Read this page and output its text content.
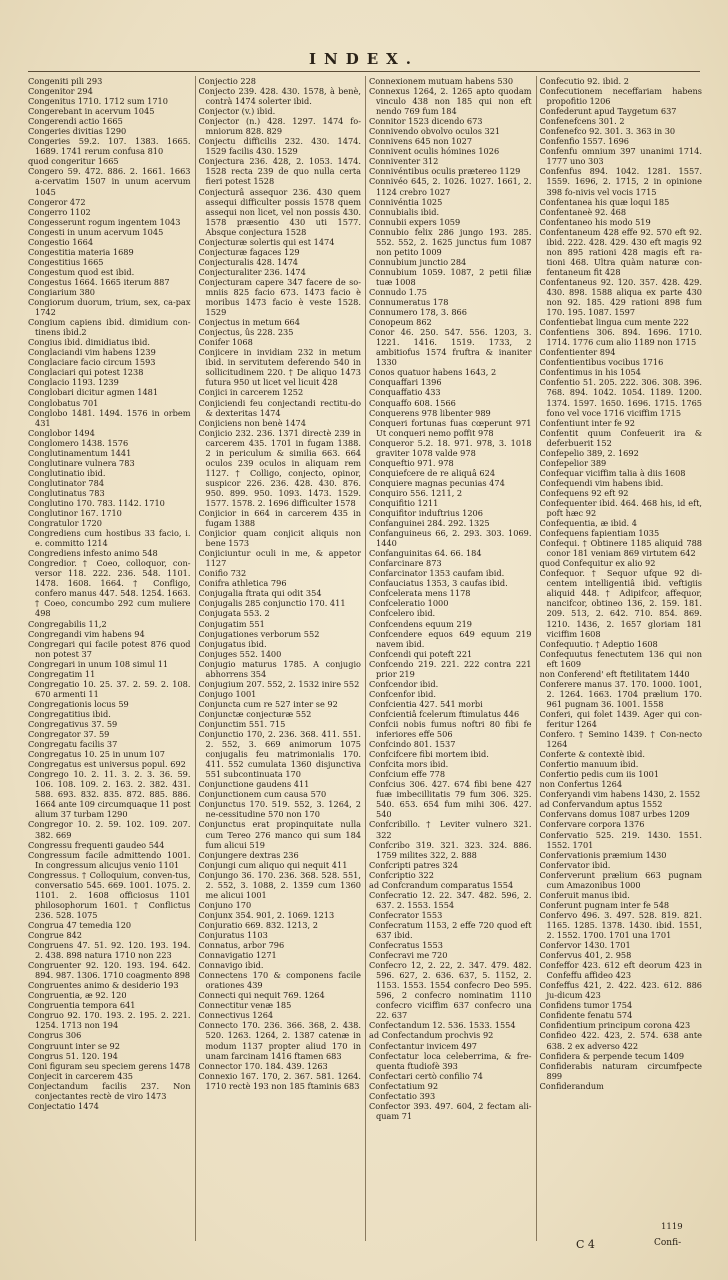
INDEX.
Congeniti pili 293
Congenitor 294
Congenitus 1710. 1712 sum 1710
Congerebant in acervum 1045
Congerendi actio 1665
Congeries divitias 1290
Congeries 59.2. 107. 1383. 1665. 1689. 1741 rerum confusa 810
quod congeritur 1665
Congero 59. 472. 886. 2. 1661. 1663 a-cervatim 1507 in unum acervum 1045
Congeror 472
Congerro 1102
Congesserunt rogum ingentem 1043
Congesti in unum acervum 1045
Congestio 1664
Congestitia materia 1689
Congestitius 1665
Congestum quod est ibid.
Congestus 1664. 1665 iterum 887
Congiarium 380
Congiorum duorum, trium, sex, ca-pax 1742
Congium capiens ibid. dimidium con-tinens ibid.2
Congius ibid. dimidiatus ibid.
Conglaciandi vim habens 1239
Conglaciare facio circum 1593
Conglaciari qui potest 1238
Conglacio 1193. 1239
Conglobari dicitur agmen 1481
Conglobatus 701
Conglobo 1481. 1494. 1576 in orbem 431
Conglobor 1494
Conglomero 1438. 1576
Conglutinamentum 1441
Conglutinare vulnera 783
Conglutinatio ibid.
Conglutinator 784
Conglutinatus 783
Conglutino 170. 783. 1142. 1710
Conglutinor 167. 1710
Congratulor 1720
Congrediens cum hostibus 33 facio, i. e. committo 1214
Congrediens infesto animo 548
Congredior. † Coeo, colloquor, con-versor 118. 222. 236. 548. 1101. 1478. 1608. 1664. † Confligo, confero manus 447. 548. 1254. 1663. † Coeo, concumbo 292 cum muliere 498
Congregabilis 11,2
Congregandi vim habens 94
Congregari qui facile potest 876 quod non potest 37
Congregari in unum 108 simul 11
Congregatim 11
Congregatio 10. 25. 37. 2. 59. 2. 108. 670 armenti 11
Congregationis locus 59
Congregatitius ibid.
Congregativus 37. 59
Congregator 37. 59
Congregatu facilis 37
Congregatus 10. 25 in unum 107
Congregatus est universus popul. 692
Congrego 10. 2. 11. 3. 2. 3. 36. 59. 106. 108. 109. 2. 163. 2. 382. 431. 588. 693. 832. 835. 872. 885. 886. 1664 ante 109 circumquaque 11 post alium 37 turbam 1290
Congregor 10. 2. 59. 102. 109. 207. 382. 669
Congressu frequenti gaudeo 544
Congressum facile admittendo 1001. In congressum alicujus venio 1101
Congressus. † Colloquium, conven-tus, conversatio 545. 669. 1001. 1075. 2. 1101. 2. 1608 officiosus 1101 philosophorum 1601. † Conflictus 236. 528. 1075
Congrua 47 temedia 120
Congrue 842
Congruens 47. 51. 92. 120. 193. 194. 2. 438. 898 natura 1710 non 223
Congruenter 92. 120. 193. 194. 642. 894. 987. 1306. 1710 coagmento 898
Congruentes animo & desiderio 193
Congruentia, æ 92. 120
Congruentia tempora 641
Congruo 92. 170. 193. 2. 195. 2. 221. 1254. 1713 non 194
Congrus 306
Congruunt inter se 92
Congrus 51. 120. 194
Coni figuram seu speciem gerens 1478
Conjecit in carcerem 435
Conjectandum facilis 237. Non conjectantes rectè de viro 1473
Conjectatio 1474
Conjectio 228
Conjecto 239. 428. 430. 1578, à benè, contrà 1474 solerter ibid.
Conjector (v.) ibid.
Conjector (n.) 428. 1297. 1474 fo-mniorum 828. 829
Conjectu difficilis 232. 430. 1474. 1529 facilis 430. 1529
Conjectura 236. 428, 2. 1053. 1474. 1528 recta 239 de quo nulla certa fieri potest 1528
Conjecturâ assequor 236. 430 quem assequi difficulter possis 1578 quem assequi non licet, vel non possis 430. 1578 præsentio 430 uti 1577. Absque conjectura 1528
Conjecturæ solertis qui est 1474
Conjecturæ fagaces 129
Conjecturalis 428. 1474
Conjecturaliter 236. 1474
Conjecturam capere 347 facere de so-mniis 825 facio 673. 1473 facio è moribus 1473 facio è veste 1528. 1529
Conjectus in metum 664
Conjectus, ûs 228. 235
Conifer 1068
Conjicere in invidiam 232 in metum ibid. in servitutem deferendo 540 in sollicitudinem 220. † De aliquo 1473 futura 950 ut licet vel licuit 428
Conjici in carcerem 1252
Conjiciendi feu conjectandi rectitu-do & dexteritas 1474
Conjiciens non benè 1474
Conjicio 232. 236. 1371 directè 239 in carcerem 435. 1701 in fugam 1388. 2 in periculum & similia 663. 664 oculos 239 oculos in aliquam rem 1127. † Colligo, conjecto, opinor, suspicor 226. 236. 428. 430. 876. 950. 899. 950. 1093. 1473. 1529. 1577. 1578. 2. 1696 difficulter 1578
Conjicior in 664 in carcerem 435 in fugam 1388
Conjicior quam conjicit aliquis non bene 1573
Conjiciuntur oculi in me, & appetor 1127
Conifio 732
Conifra athletica 796
Conjugalia ftrata qui odit 354
Conjugalis 285 conjunctio 170. 411
Conjugata 553. 2
Conjugatim 551
Conjugationes verborum 552
Conjugatus ibid.
Conjuges 552. 1400
Conjugio maturus 1785. A conjugio abhorrens 354
Conjugium 207. 552, 2. 1532 inire 552
Conjugo 1001
Conjuncta cum re 527 inter se 92
Conjunctæ conjecturæ 552
Conjunctim 551. 715
Conjunctio 170, 2. 236. 368. 411. 551. 2. 552, 3. 669 animorum 1075 conjugalis feu matrimonialis 170. 411. 552 cumulata 1360 disjunctiva 551 subcontinuata 170
Conjunctione gaudens 411
Conjunctionem cum causa 570
Conjunctus 170. 519. 552, 3. 1264, 2 ne-cessitudine 570 non 170
Conjunctus erat propinquitate nulla cum Tereo 276 manco qui sum 184 fum alicui 519
Conjungere dextras 236
Conjungi cum aliquo qui nequit 411
Conjungo 36. 170. 236. 368. 528. 551, 2. 552, 3. 1088, 2. 1359 cum 1360 me alicui 1001
Conjuno 170
Conjunx 354. 901, 2. 1069. 1213
Conjuratio 669. 832. 1213, 2
Conjuratus 1103
Connatus, arbor 796
Connavigatio 1271
Connavigo ibid.
Connectens 170 & componens facile orationes 439
Connecti qui nequit 769. 1264
Connectitur venæ 185
Connectivus 1264
Connecto 170. 236. 366. 368, 2. 438. 520. 1263. 1264, 2. 1387 catenæ in modum 1137 propter aliud 170 in unam farcinam 1416 ftamen 683
Connector 170. 184. 439. 1263
Connexio 167. 170, 2. 367. 581. 1264. 1710 rectè 193 non 185 ftaminis 683
Connexionem mutuam habens 530
Connexus 1264, 2. 1265 apto quodam vinculo 438 non 185 qui non eft nendo 769 fum 184
Connitor 1523 dicendo 673
Connivendo obvolvo oculos 321
Connivens 645 non 1027
Connivent oculis hómines 1026
Conniventer 312
Connivéntibus oculis prætereo 1129
Connivéo 645, 2. 1026. 1027. 1661, 2. 1124 crebro 1027
Connivéntia 1025
Connubialis ibid.
Connubii expers 1059
Connubio felix 286 jungo 193. 285. 552. 552, 2. 1625 junctus fum 1087 non petito 1009
Connubium junctio 284
Connubium 1059. 1087, 2 petii filiæ tuæ 1008
Connudo 1.75
Connumeratus 178
Connumero 178, 3. 866
Conopeum 862
Conor 46. 250. 547. 556. 1203, 3. 1221. 1416. 1519. 1733, 2 ambitiofus 1574 fruftra & inaniter 1330
Conos quatuor habens 1643, 2
Conquaffari 1396
Conquaffatio 433
Conquaffo 608. 1566
Conquerens 978 libenter 989
Conqueri fortunas fuas cœperunt 971 Ut conqueri nemo poffit 978
Conqueror 5.2. 18. 971. 978, 3. 1018 graviter 1078 valde 978
Conqueftio 971. 978
Conquiefcere de re aliquâ 624
Conquiere magnas pecunias 474
Conquiro 556. 1211, 2
Conquifitio 1211
Conquifitor induftrius 1206
Confanguinei 284. 292. 1325
Confanguineus 66, 2. 293. 303. 1069. 1440
Confanguinitas 64. 66. 184
Confarcinare 873
Confarcinator 1353 caufam ibid.
Confauciatus 1353, 3 caufas ibid.
Confcelerata mens 1178
Confceleratio 1000
Confcelero ibid.
Confcendens equum 219
Confcendere equos 649 equum 219 navem ibid.
Confcendi qui poteft 221
Confcendo 219. 221. 222 contra 221 prior 219
Confcendor ibid.
Confcenfor ibid.
Confcientia 427. 541 morbi
Confcientiâ fcelerum ftimulatus 446
Confcii nobis fumus noftri 80 fibi fe inferiores effe 506
Confcindo 801. 1537
Confcifcere fibi mortem ibid.
Confcita mors ibid.
Confcium effe 778
Confcius 306. 427. 674 fibi bene 427 fuæ imbecillitatis 79 fum 306. 325. 540. 653. 654 fum mihi 306. 427. 540
Confcribillo. † Leviter vulnero 321. 322
Confcribo 319. 321. 323. 324. 886. 1759 milites 322, 2. 888
Confcripti patres 324
Confcriptio 322
ad Confcrandum comparatus 1554
Confecratio 12. 22. 347. 482. 596, 2. 637. 2. 1553. 1554
Confecrator 1553
Confecratum 1153, 2 effe 720 quod eft 637 ibid.
Confecratus 1553
Confecravi me 720
Confecro 12, 2. 22, 2. 347. 479. 482. 596. 627, 2. 636. 637, 5. 1152, 2. 1153. 1553. 1554 confecro Deo 595. 596, 2 confecro nominatim 1110 confecro viciffim 637 confecro una 22. 637
Confectandum 12. 536. 1533. 1554
ad Confectandum prochvis 92
Confectantur invicem 497
Confectatur loca celeberrima, & fre-quenta ftudiofè 393
Confectari certò confilio 74
Confectatium 92
Confectatio 393
Confector 393. 497. 604, 2 fectam ali-quam 71
Confecutio 92. ibid. 2
Confecutionem neceffariam habens propofitio 1206
Confederunt apud Taygetum 637
Confenefcens 301. 2
Confenefco 92. 301. 3. 363 in 30
Confenfio 1557. 1696
Confenfu omnium 397 unanimi 1714. 1777 uno 303
Confenfus 894. 1042. 1281. 1557. 1559. 1696, 2. 1715, 2 in opinione 398 fo-nivis vel vocis 1715
Confentanea his quæ loqui 185
Confentaneè 92. 468
Confentaneo his modo 519
Confentaneum 428 effe 92. 570 eft 92. ibid. 222. 428. 429. 430 eft magis 92 non 895 rationi 428 magis eft ra-tioni 468. Ultra quàm naturæ con-fentaneum fit 428
Confentaneus 92. 120. 357. 428. 429. 430. 898. 1588 aliqua ex parte 430 non 92. 185. 429 rationi 898 fum 170. 195. 1087. 1597
Confentiebat lingua cum mente 222
Confentiens 306. 894. 1696. 1710. 1714. 1776 cum alio 1189 non 1715
Confentienter 894
Confentientibus vocibus 1716
Confentimus in his 1054
Confentio 51. 205. 222. 306. 308. 396. 768. 894. 1042. 1054. 1189. 1200. 1374. 1597. 1650. 1696. 1715. 1765 fono vel voce 1716 viciffim 1715
Confentiunt inter fe 92
Confentit quum Confeuerit ira & deferbuerit 152
Confepelio 389, 2. 1692
Confepelior 389
Confequar viciffim talia à diis 1608
Confequendi vim habens ibid.
Confequens 92 eft 92
Confequenter ibid. 464. 468 his, id eft, poft hæc 92
Confequentia, æ ibid. 4
Confequens fapientiam 1035
Confequi. † Obtinere 1185 aliquid 788 conor 181 veniam 869 virtutem 642
quod Confequitur ex alio 92
Confequor. † Sequor ufque 92 di-centem intelligentiâ ibid. veftigiis aliquid 448. † Adipifcor, affequor, nancifcor, obtineo 136, 2. 159. 181. 209. 513, 2. 642. 710. 854. 869. 1210. 1436, 2. 1657 gloriam 181 viciffim 1608
Confequutio. † Adeptio 1608
Confequutus fenectutem 136 qui non eft 1609
non Conferend' eft ftetilitatem 1440
Conferere manus 37. 170. 1000. 1001, 2. 1264. 1663. 1704 prælium 170. 961 pugnam 36. 1001. 1558
Conferi, qui folet 1439. Ager qui con-feritur 1264
Confero. † Semino 1439. † Con-necto 1264
Conferte & contextè ibid.
Confertio manuum ibid.
Confertio pedis cum iis 1001
non Confertus 1264
Conferyandi vim habens 1430, 2. 1552
ad Confervandum aptus 1552
Confervans domus 1087 urbes 1209
Confervare corpora 1376
Confervatio 525. 219. 1430. 1551. 1552. 1701
Confervationis præmium 1430
Confervator ibid.
Conferverunt prælium 663 pugnam cum Amazonibus 1000
Conferuit manus ibid.
Conferunt pugnam inter fe 548
Confervo 496. 3. 497. 528. 819. 821. 1165. 1285. 1378. 1430. ibid. 1551, 2. 1552. 1700. 1701 una 1701
Confervor 1430. 1701
Confervus 401, 2. 958
Confeffor 423. 612 eft deorum 423 in Confeffu affideo 423
Confeffus 421, 2. 422. 423. 612. 886 ju-dicum 423
Confidens tumor 1754
Confidente fenatu 574
Confidentium principum corona 423
Confideo 422. 423, 2. 574. 638 ante 638. 2 ex adverso 422
Confidera & perpende tecum 1409
Confiderabis naturam circumfpecte 899
Confiderandum
1119
C 4	Confi-
